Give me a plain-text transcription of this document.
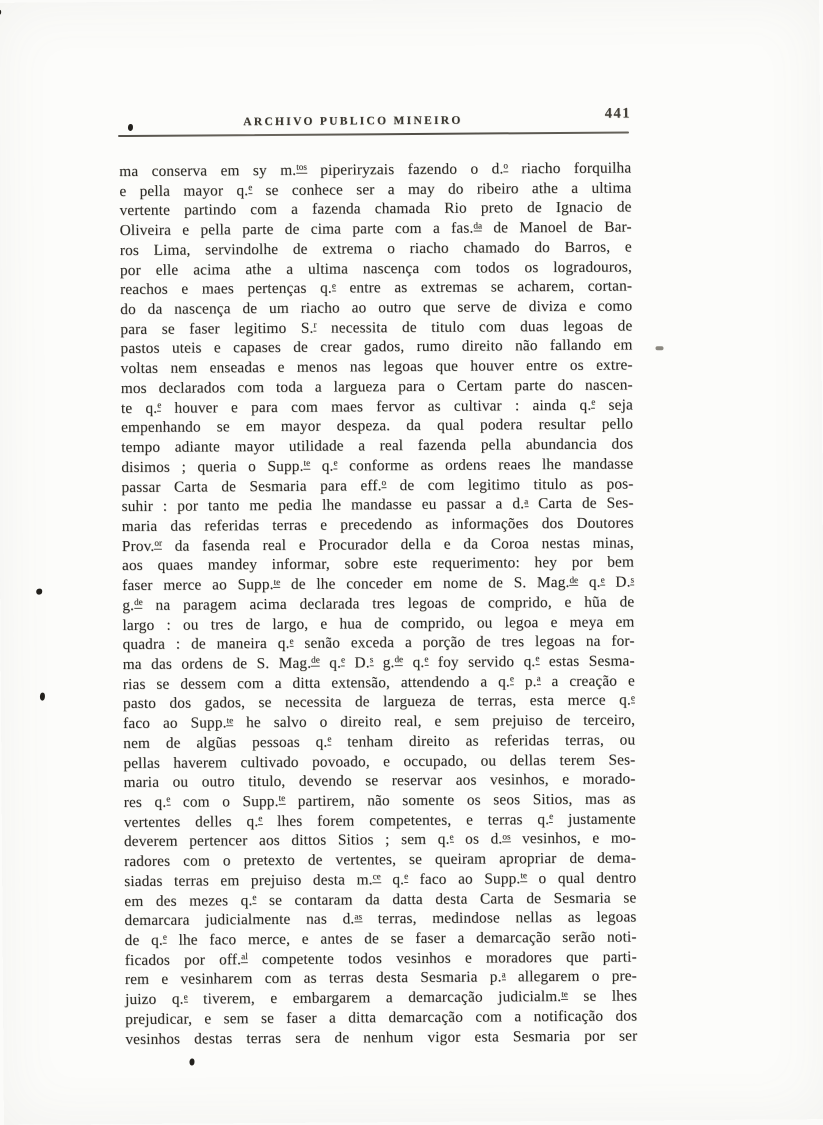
ARCHIVO PUBLICO MINEIRO	441
ma conserva em sy m.$^{tos}$ piperiryzais fazendo o d.$^o$ riacho forquilha
e pella mayor q.$^e$ se conhece ser a may do ribeiro athe a ultima
vertente partindo com a fazenda chamada Rio preto de Ignacio de
Oliveira e pella parte de cima parte com a fas.$^{da}$ de Manoel de Bar-
ros Lima, servindolhe de extrema o riacho chamado do Barros, e
por elle acima athe a ultima nascença com todos os logradouros,
reachos e maes pertenças q.$^e$ entre as extremas se acharem, cortan-
do da nascença de um riacho ao outro que serve de diviza e como
para se faser legitimo S.$^r$ necessita de titulo com duas legoas de
pastos uteis e capases de crear gados, rumo direito não fallando em
voltas nem enseadas e menos nas legoas que houver entre os extre-
mos declarados com toda a largueza para o Certam parte do nascen-
te q.$^e$ houver e para com maes fervor as cultivar : ainda q.$^e$ seja
empenhando se em mayor despeza. da qual podera resultar pello
tempo adiante mayor utilidade a real fazenda pella abundancia dos
disimos ; queria o Supp.$^{te}$ q.$^e$ conforme as ordens reaes lhe mandasse
passar Carta de Sesmaria para eff.$^o$ de com legitimo titulo as pos-
suhir : por tanto me pedia lhe mandasse eu passar a d.$^a$ Carta de Ses-
maria das referidas terras e precedendo as informações dos Doutores
Prov.$^{or}$ da fasenda real e Procurador della e da Coroa nestas minas,
aos quaes mandey informar, sobre este requerimento: hey por bem
faser merce ao Supp.$^{te}$ de lhe conceder em nome de S. Mag.$^{de}$ q.$^e$ D.$^s$
g.$^{de}$ na paragem acima declarada tres legoas de comprido, e hũa de
largo : ou tres de largo, e hua de comprido, ou legoa e meya em
quadra : de maneira q.$^e$ senão exceda a porção de tres legoas na for-
ma das ordens de S. Mag.$^{de}$ q.$^e$ D.$^s$ g.$^{de}$ q.$^e$ foy servido q.$^e$ estas Sesma-
rias se dessem com a ditta extensão, attendendo a q.$^e$ p.$^a$ a creação e
pasto dos gados, se necessita de largueza de terras, esta merce q.$^e$
faco ao Supp.$^{te}$ he salvo o direito real, e sem prejuiso de terceiro,
nem de algũas pessoas q.$^e$ tenham direito as referidas terras, ou
pellas haverem cultivado povoado, e occupado, ou dellas terem Ses-
maria ou outro titulo, devendo se reservar aos vesinhos, e morado-
res q.$^e$ com o Supp.$^{te}$ partirem, não somente os seos Sitios, mas as
vertentes delles q.$^e$ lhes forem competentes, e terras q.$^e$ justamente
deverem pertencer aos dittos Sitios ; sem q.$^e$ os d.$^{os}$ vesinhos, e mo-
radores com o pretexto de vertentes, se queiram apropriar de dema-
siadas terras em prejuiso desta m.$^{ce}$ q.$^e$ faco ao Supp.$^{te}$ o qual dentro
em des mezes q.$^e$ se contaram da datta desta Carta de Sesmaria se
demarcara judicialmente nas d.$^{as}$ terras, medindose nellas as legoas
de q.$^e$ lhe faco merce, e antes de se faser a demarcação serão noti-
ficados por off.$^{al}$ competente todos vesinhos e moradores que parti-
rem e vesinharem com as terras desta Sesmaria p.$^a$ allegarem o pre-
juizo q.$^e$ tiverem, e embargarem a demarcação judicialm.$^{te}$ se lhes
prejudicar, e sem se faser a ditta demarcação com a notificação dos
vesinhos destas terras sera de nenhum vigor esta Sesmaria por ser
